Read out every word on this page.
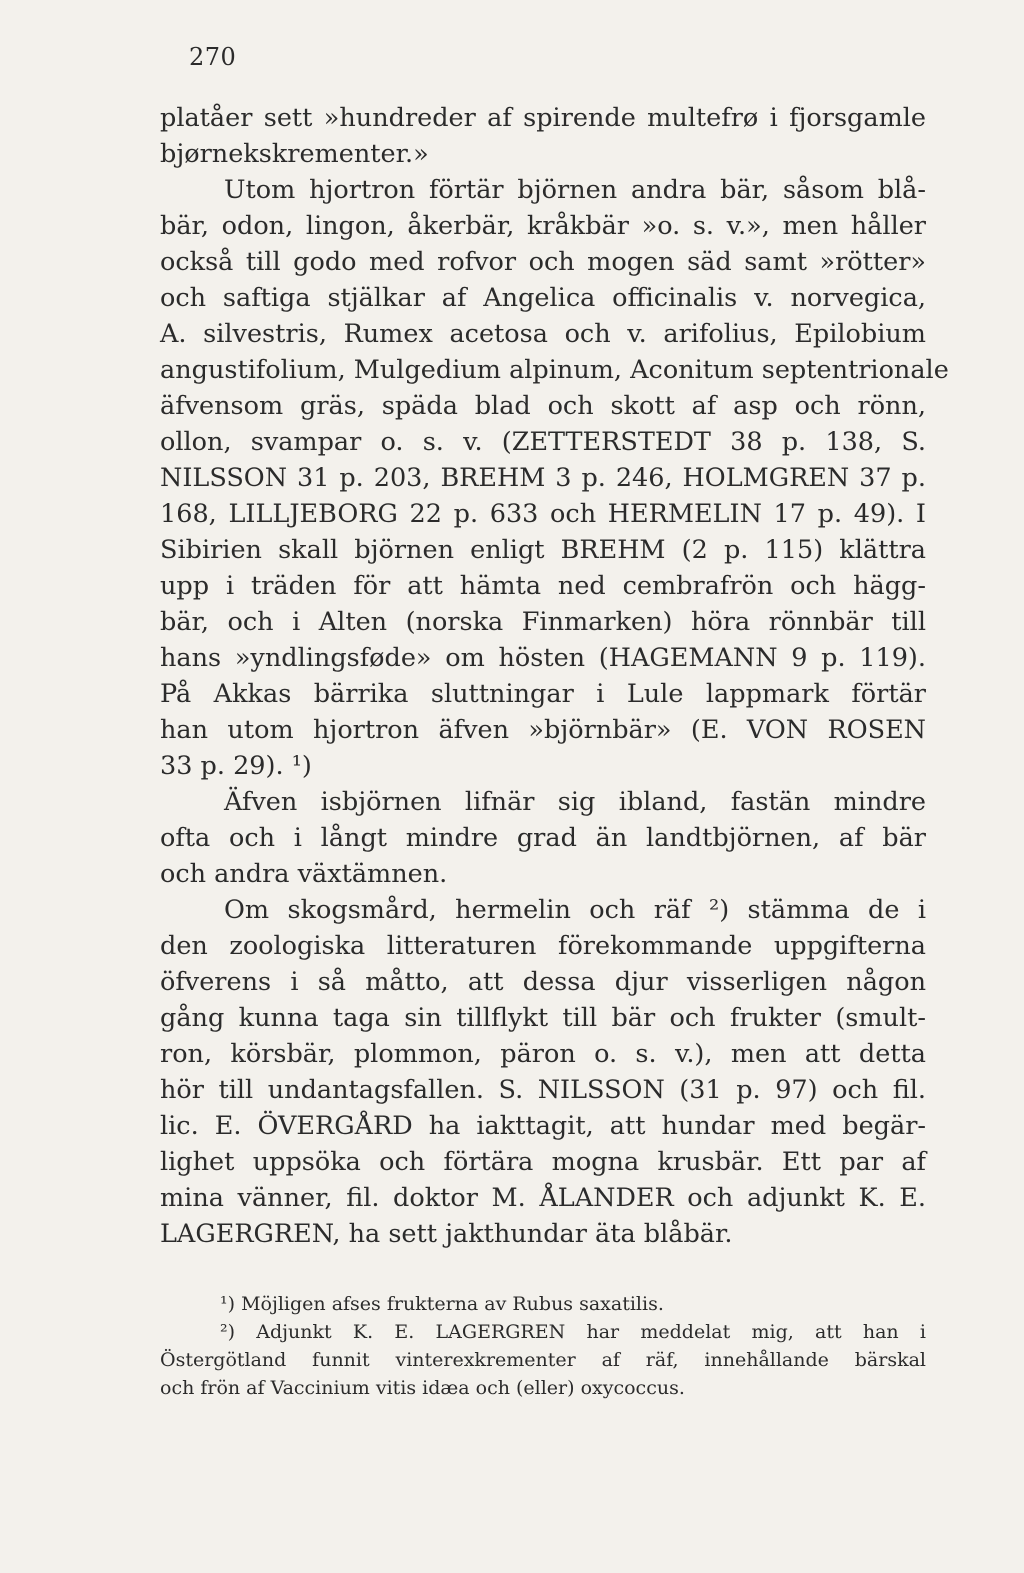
270
platåer sett »hundreder af spirende multefrø i fjorsgamle
bjørnekskrementer.»
Utom hjortron förtär björnen andra bär, såsom blå-
bär, odon, lingon, åkerbär, kråkbär »o. s. v.», men håller
också till godo med rofvor och mogen säd samt »rötter»
och saftiga stjälkar af Angelica officinalis v. norvegica,
A. silvestris, Rumex acetosa och v. arifolius, Epilobium
angustifolium, Mulgedium alpinum, Aconitum septentrionale
äfvensom gräs, späda blad och skott af asp och rönn,
ollon, svampar o. s. v. (ZETTERSTEDT 38 p. 138, S.
NILSSON 31 p. 203, BREHM 3 p. 246, HOLMGREN 37 p.
168, LILLJEBORG 22 p. 633 och HERMELIN 17 p. 49). I
Sibirien skall björnen enligt BREHM (2 p. 115) klättra
upp i träden för att hämta ned cembrafrön och hägg-
bär, och i Alten (norska Finmarken) höra rönnbär till
hans »yndlingsføde» om hösten (HAGEMANN 9 p. 119).
På Akkas bärrika sluttningar i Lule lappmark förtär
han utom hjortron äfven »björnbär» (E. VON ROSEN
33 p. 29). ¹)
Äfven isbjörnen lifnär sig ibland, fastän mindre
ofta och i långt mindre grad än landtbjörnen, af bär
och andra växtämnen.
Om skogsmård, hermelin och räf ²) stämma de i
den zoologiska litteraturen förekommande uppgifterna
öfverens i så måtto, att dessa djur visserligen någon
gång kunna taga sin tillflykt till bär och frukter (smult-
ron, körsbär, plommon, päron o. s. v.), men att detta
hör till undantagsfallen. S. NILSSON (31 p. 97) och fil.
lic. E. ÖVERGÅRD ha iakttagit, att hundar med begär-
lighet uppsöka och förtära mogna krusbär. Ett par af
mina vänner, fil. doktor M. ÅLANDER och adjunkt K. E.
LAGERGREN, ha sett jakthundar äta blåbär.
¹) Möjligen afses frukterna av Rubus saxatilis.
²) Adjunkt K. E. LAGERGREN har meddelat mig, att han i
Östergötland funnit vinterexkrementer af räf, innehållande bärskal
och frön af Vaccinium vitis idæa och (eller) oxycoccus.
